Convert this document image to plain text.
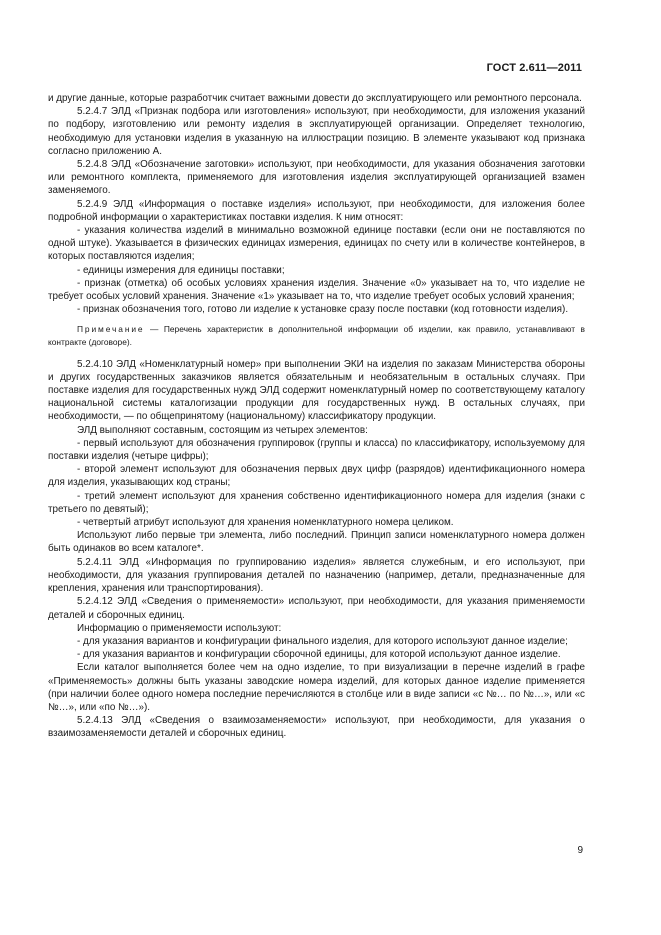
ГОСТ 2.611—2011

и другие данные, которые разработчик считает важными довести до эксплуатирующего или ремонтного персонала.

5.2.4.7 ЭЛД «Признак подбора или изготовления» используют, при необходимости, для изложения указаний по подбору, изготовлению или ремонту изделия в эксплуатирующей организации. Определяет технологию, необходимую для установки изделия в указанную на иллюстрации позицию. В элементе указывают код признака согласно приложению А.

5.2.4.8 ЭЛД «Обозначение заготовки» используют, при необходимости, для указания обозначения заготовки или ремонтного комплекта, применяемого для изготовления изделия эксплуатирующей организацией взамен заменяемого.

5.2.4.9 ЭЛД «Информация о поставке изделия» используют, при необходимости, для изложения более подробной информации о характеристиках поставки изделия. К ним относят:

- указания количества изделий в минимально возможной единице поставки (если они не поставляются по одной штуке). Указывается в физических единицах измерения, единицах по счету или в количестве контейнеров, в которых поставляются изделия;

- единицы измерения для единицы поставки;

- признак (отметка) об особых условиях хранения изделия. Значение «0» указывает на то, что изделие не требует особых условий хранения. Значение «1» указывает на то, что изделие требует особых условий хранения;

- признак обозначения того, готово ли изделие к установке сразу после поставки (код готовности изделия).

Примечание — Перечень характеристик в дополнительной информации об изделии, как правило, устанавливают в контракте (договоре).

5.2.4.10 ЭЛД «Номенклатурный номер» при выполнении ЭКИ на изделия по заказам Министерства обороны и других государственных заказчиков является обязательным и необязательным в остальных случаях. При поставке изделия для государственных нужд ЭЛД содержит номенклатурный номер по соответствующему каталогу национальной системы каталогизации продукции для государственных нужд. В остальных случаях, при необходимости, — по общепринятому (национальному) классификатору продукции.

ЭЛД выполняют составным, состоящим из четырех элементов:

- первый используют для обозначения группировок (группы и класса) по классификатору, используемому для поставки изделия (четыре цифры);

- второй элемент используют для обозначения первых двух цифр (разрядов) идентификационного номера для изделия, указывающих код страны;

- третий элемент используют для хранения собственно идентификационного номера для изделия (знаки с третьего по девятый);

- четвертый атрибут используют для хранения номенклатурного номера целиком.

Используют либо первые три элемента, либо последний. Принцип записи номенклатурного номера должен быть одинаков во всем каталоге*.

5.2.4.11 ЭЛД «Информация по группированию изделия» является служебным, и его используют, при необходимости, для указания группирования деталей по назначению (например, детали, предназначенные для крепления, хранения или транспортирования).

5.2.4.12 ЭЛД «Сведения о применяемости» используют, при необходимости, для указания применяемости деталей и сборочных единиц.

Информацию о применяемости используют:

- для указания вариантов и конфигурации финального изделия, для которого используют данное изделие;

- для указания вариантов и конфигурации сборочной единицы, для которой используют данное изделие.

Если каталог выполняется более чем на одно изделие, то при визуализации в перечне изделий в графе «Применяемость» должны быть указаны заводские номера изделий, для которых данное изделие применяется (при наличии более одного номера последние перечисляются в столбце или в виде записи «с №… по №…», или «с №…», или «по №…»).

5.2.4.13 ЭЛД «Сведения о взаимозаменяемости» используют, при необходимости, для указания о взаимозаменяемости деталей и сборочных единиц.

9
